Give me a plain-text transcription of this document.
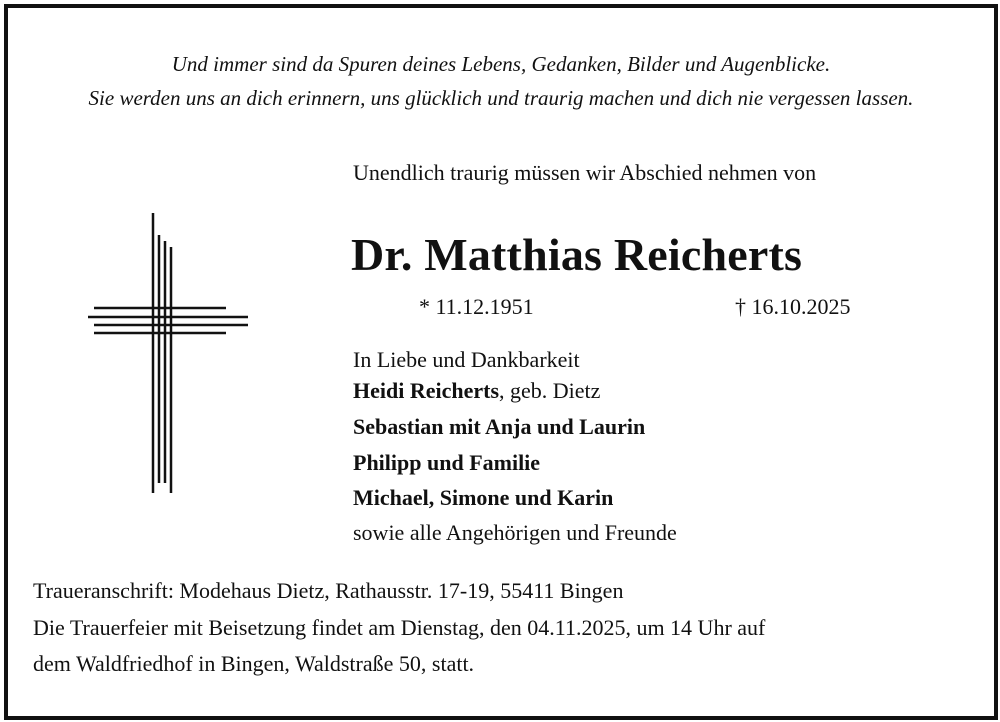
Und immer sind da Spuren deines Lebens, Gedanken, Bilder und Augenblicke.
Sie werden uns an dich erinnern, uns glücklich und traurig machen und dich nie vergessen lassen.
Unendlich traurig müssen wir Abschied nehmen von
Dr. Matthias Reicherts
* 11.12.1951	† 16.10.2025
In Liebe und Dankbarkeit
Heidi Reicherts, geb. Dietz
Sebastian mit Anja und Laurin
Philipp und Familie
Michael, Simone und Karin
sowie alle Angehörigen und Freunde
Traueranschrift: Modehaus Dietz, Rathausstr. 17-19, 55411 Bingen
Die Trauerfeier mit Beisetzung findet am Dienstag, den 04.11.2025, um 14 Uhr auf
dem Waldfriedhof in Bingen, Waldstraße 50, statt.
